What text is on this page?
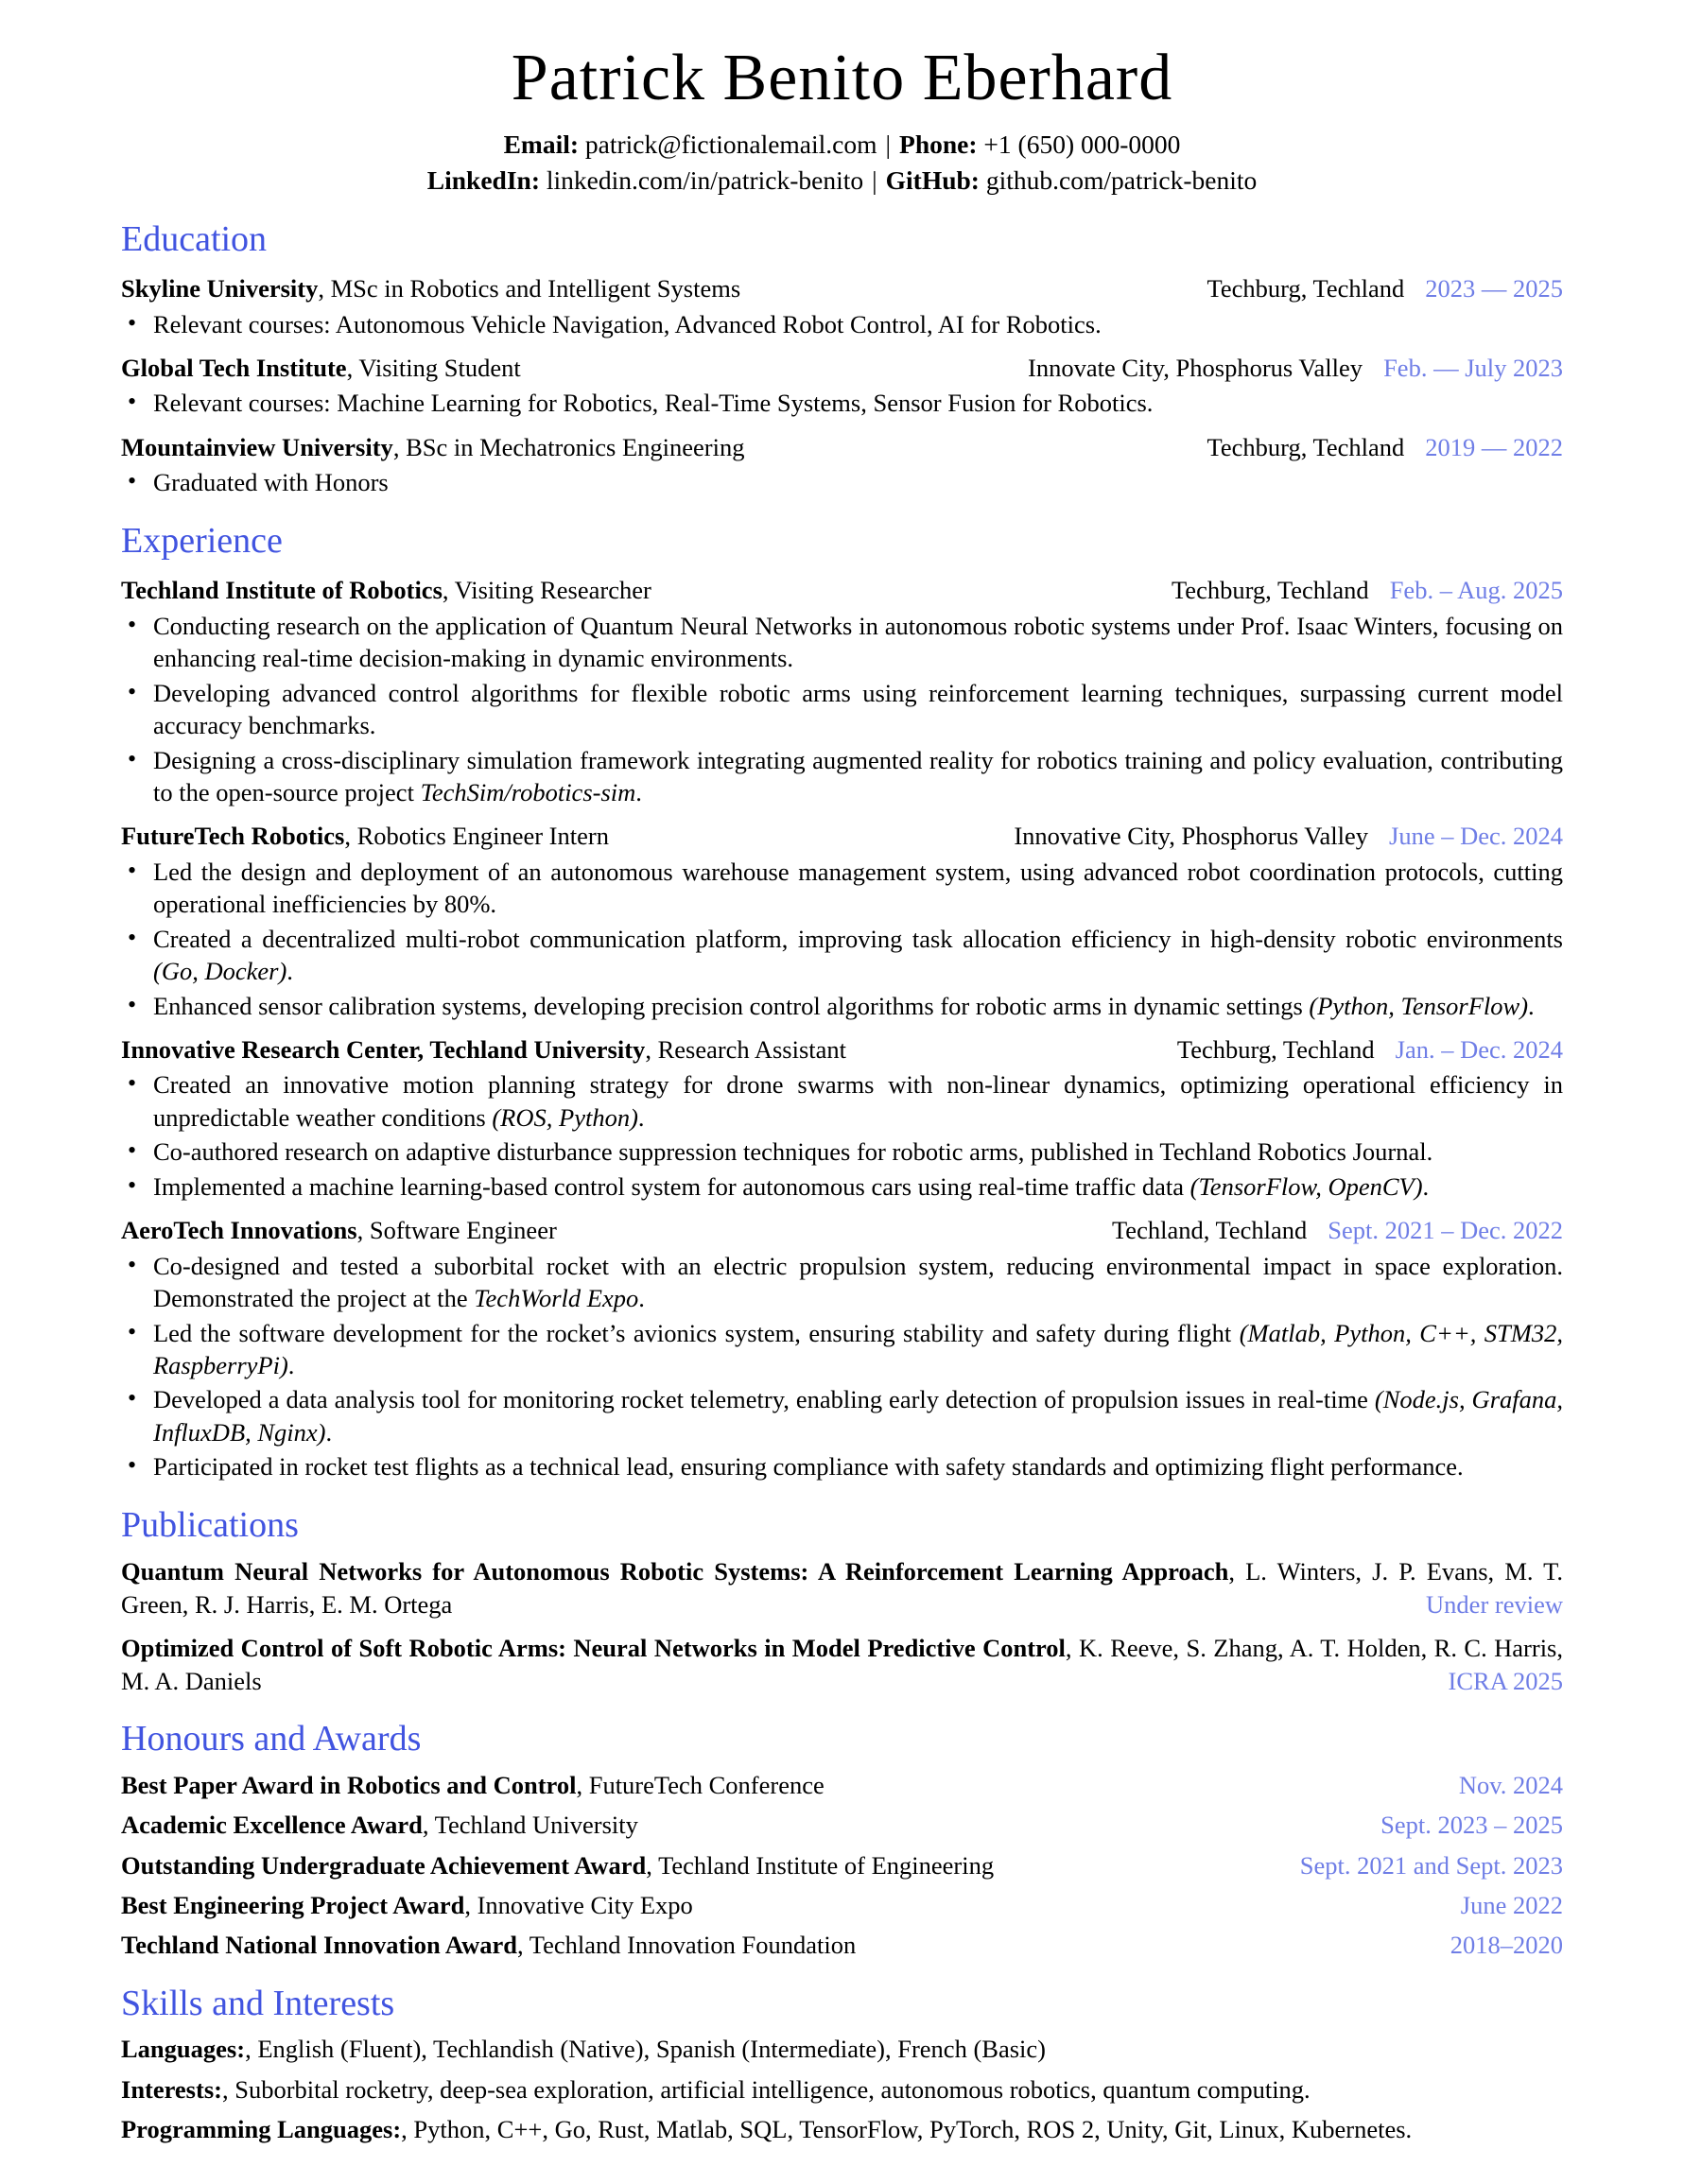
Patrick Benito Eberhard
Email: patrick@fictionalemail.com | Phone: +1 (650) 000-0000
LinkedIn: linkedin.com/in/patrick-benito | GitHub: github.com/patrick-benito
Education
Skyline University, MSc in Robotics and Intelligent Systems	Techburg, Techland 2023 — 2025
• Relevant courses: Autonomous Vehicle Navigation, Advanced Robot Control, AI for Robotics.
Global Tech Institute, Visiting Student	Innovate City, Phosphorus Valley Feb. — July 2023
• Relevant courses: Machine Learning for Robotics, Real-Time Systems, Sensor Fusion for Robotics.
Mountainview University, BSc in Mechatronics Engineering	Techburg, Techland 2019 — 2022
• Graduated with Honors
Experience
Techland Institute of Robotics, Visiting Researcher	Techburg, Techland Feb. – Aug. 2025
• Conducting research on the application of Quantum Neural Networks in autonomous robotic systems under Prof. Isaac Winters, focusing on enhancing real-time decision-making in dynamic environments.
• Developing advanced control algorithms for flexible robotic arms using reinforcement learning techniques, surpassing current model accuracy benchmarks.
• Designing a cross-disciplinary simulation framework integrating augmented reality for robotics training and policy evaluation, contributing to the open-source project TechSim/robotics-sim.
FutureTech Robotics, Robotics Engineer Intern	Innovative City, Phosphorus Valley June – Dec. 2024
• Led the design and deployment of an autonomous warehouse management system, using advanced robot coordination protocols, cutting operational inefficiencies by 80%.
• Created a decentralized multi-robot communication platform, improving task allocation efficiency in high-density robotic environments (Go, Docker).
• Enhanced sensor calibration systems, developing precision control algorithms for robotic arms in dynamic settings (Python, TensorFlow).
Innovative Research Center, Techland University, Research Assistant	Techburg, Techland Jan. – Dec. 2024
• Created an innovative motion planning strategy for drone swarms with non-linear dynamics, optimizing operational efficiency in unpredictable weather conditions (ROS, Python).
• Co-authored research on adaptive disturbance suppression techniques for robotic arms, published in Techland Robotics Journal.
• Implemented a machine learning-based control system for autonomous cars using real-time traffic data (TensorFlow, OpenCV).
AeroTech Innovations, Software Engineer	Techland, Techland Sept. 2021 – Dec. 2022
• Co-designed and tested a suborbital rocket with an electric propulsion system, reducing environmental impact in space exploration. Demonstrated the project at the TechWorld Expo.
• Led the software development for the rocket’s avionics system, ensuring stability and safety during flight (Matlab, Python, C++, STM32, RaspberryPi).
• Developed a data analysis tool for monitoring rocket telemetry, enabling early detection of propulsion issues in real-time (Node.js, Grafana, InfluxDB, Nginx).
• Participated in rocket test flights as a technical lead, ensuring compliance with safety standards and optimizing flight performance.
Publications
Quantum Neural Networks for Autonomous Robotic Systems: A Reinforcement Learning Approach, L. Winters, J. P. Evans, M. T. Green, R. J. Harris, E. M. Ortega	Under review
Optimized Control of Soft Robotic Arms: Neural Networks in Model Predictive Control, K. Reeve, S. Zhang, A. T. Holden, R. C. Harris, M. A. Daniels	ICRA 2025
Honours and Awards
Best Paper Award in Robotics and Control, FutureTech Conference	Nov. 2024
Academic Excellence Award, Techland University	Sept. 2023 – 2025
Outstanding Undergraduate Achievement Award, Techland Institute of Engineering	Sept. 2021 and Sept. 2023
Best Engineering Project Award, Innovative City Expo	June 2022
Techland National Innovation Award, Techland Innovation Foundation	2018–2020
Skills and Interests
Languages:, English (Fluent), Techlandish (Native), Spanish (Intermediate), French (Basic)
Interests:, Suborbital rocketry, deep-sea exploration, artificial intelligence, autonomous robotics, quantum computing.
Programming Languages:, Python, C++, Go, Rust, Matlab, SQL, TensorFlow, PyTorch, ROS 2, Unity, Git, Linux, Kubernetes.
